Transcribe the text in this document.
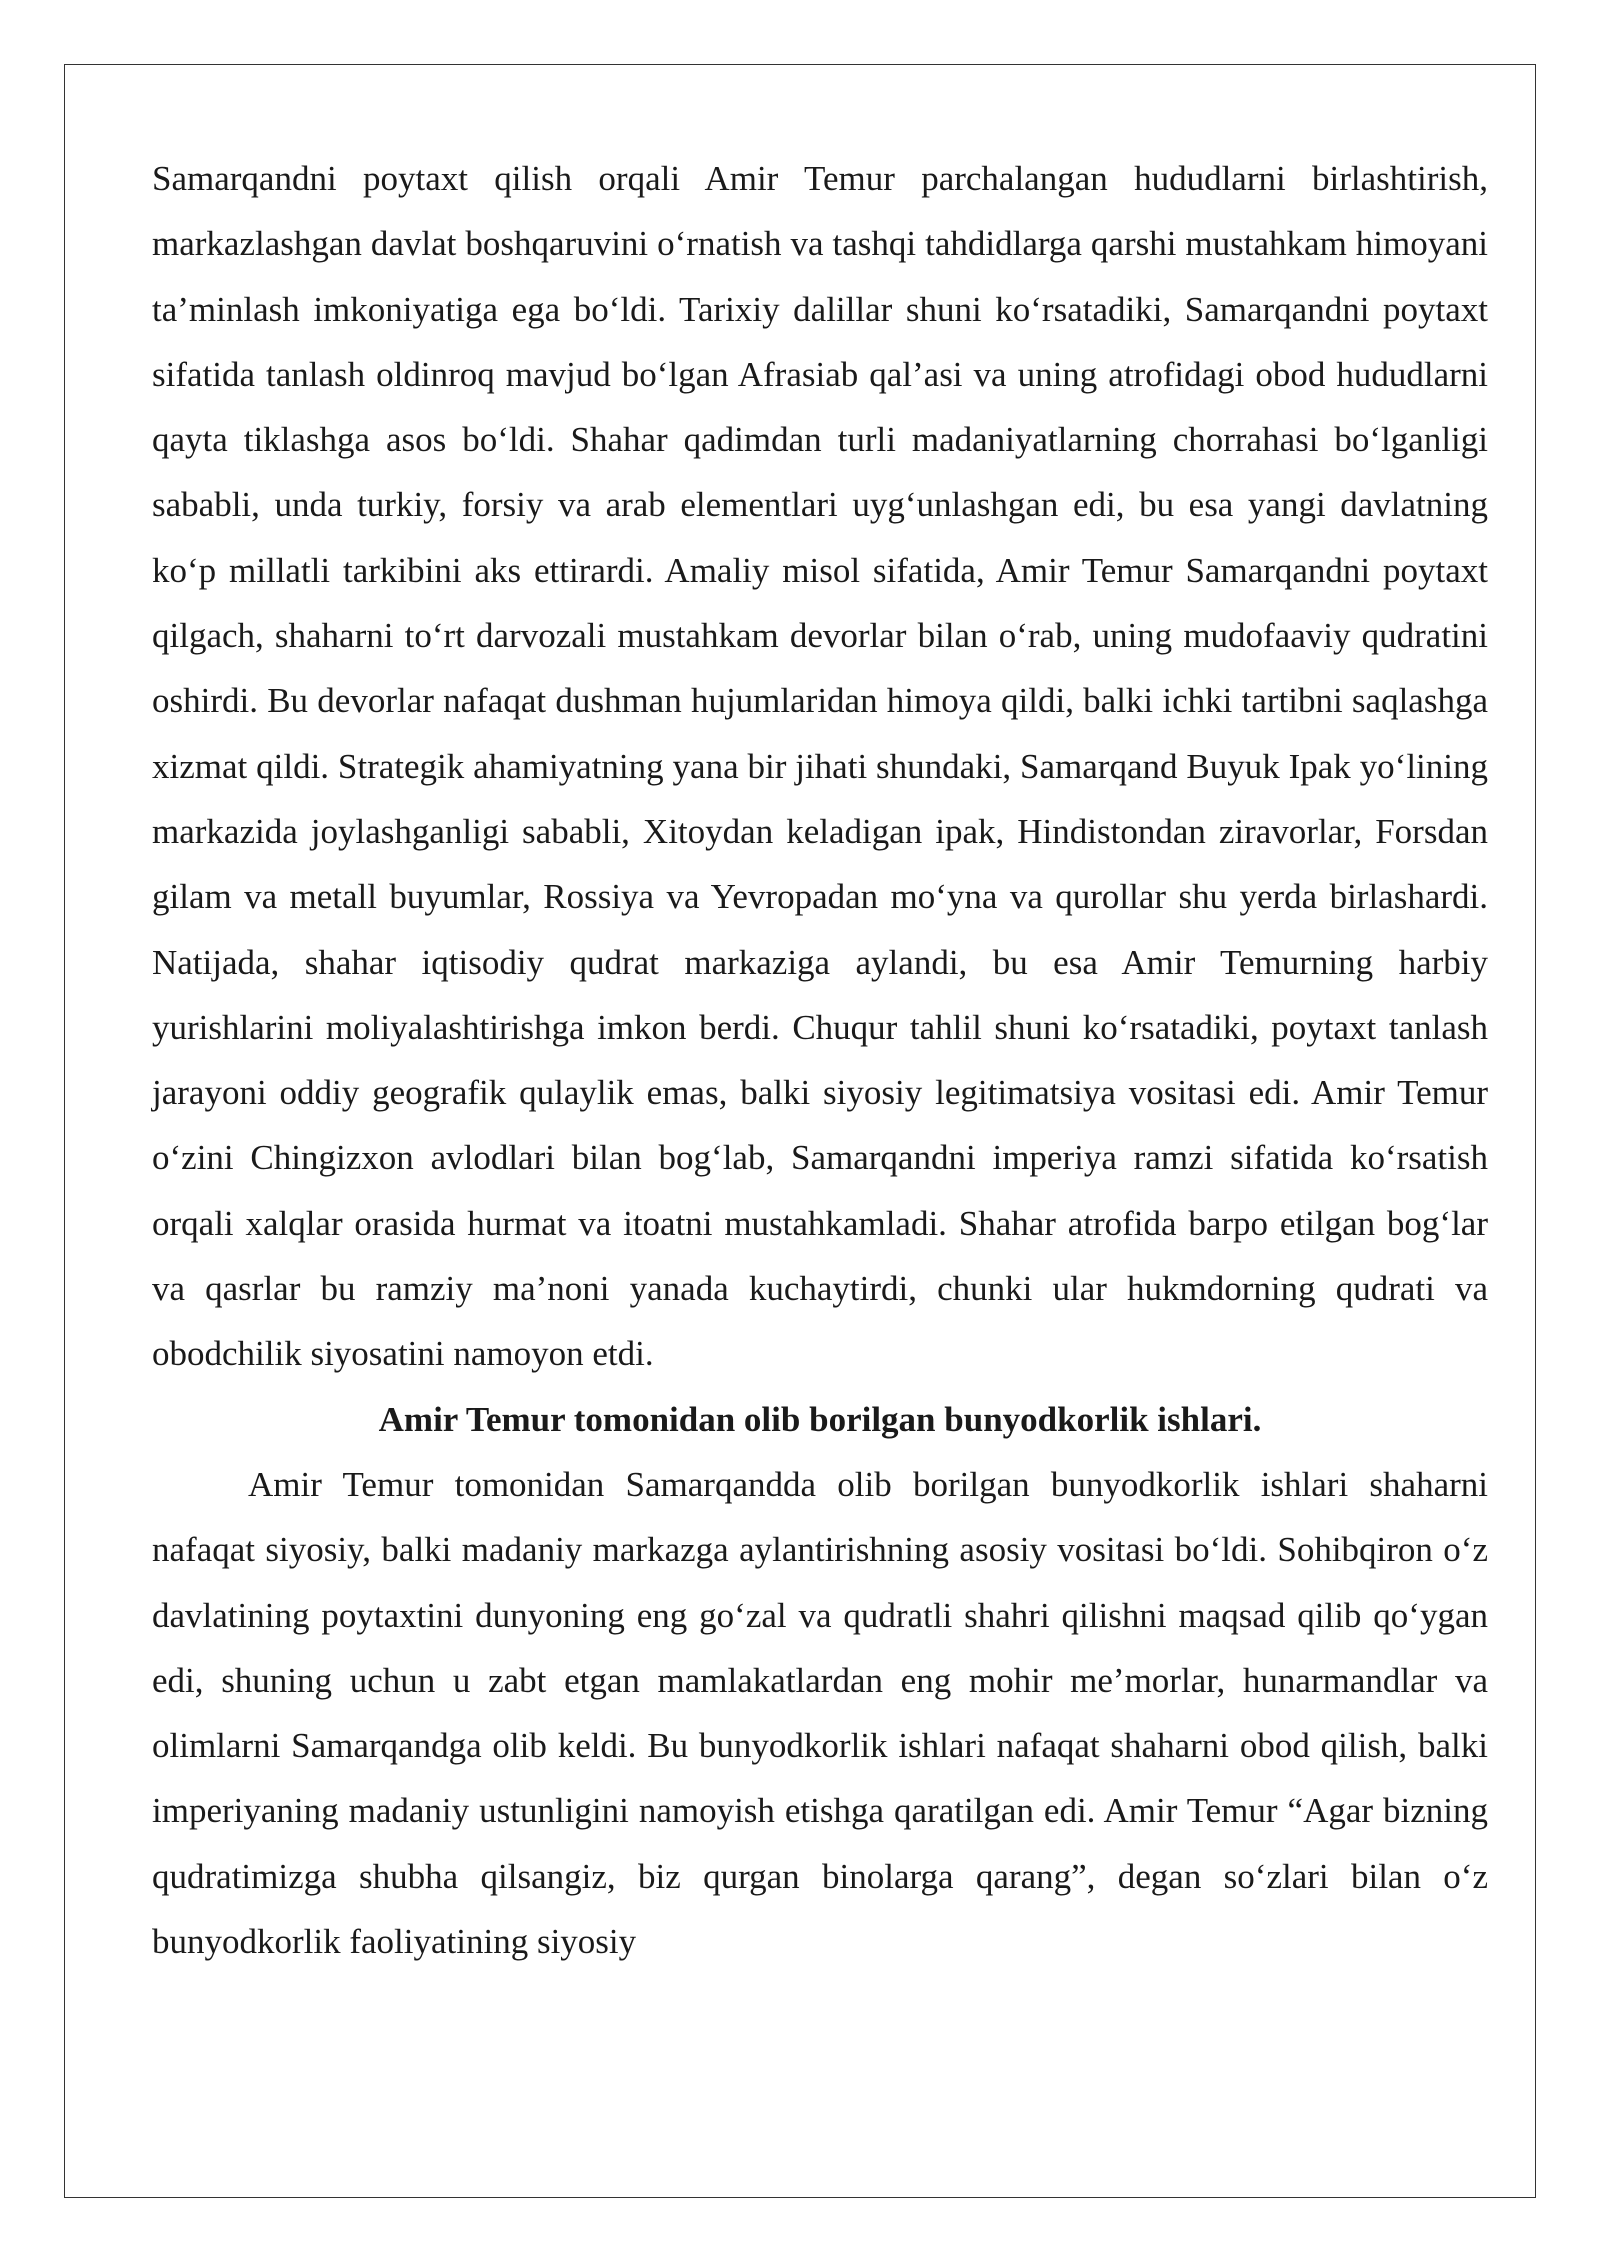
Samarqandni poytaxt qilish orqali Amir Temur parchalangan hududlarni birlashtirish, markazlashgan davlat boshqaruvini o‘rnatish va tashqi tahdidlarga qarshi mustahkam himoyani ta’minlash imkoniyatiga ega bo‘ldi. Tarixiy dalillar shuni ko‘rsatadiki, Samarqandni poytaxt sifatida tanlash oldinroq mavjud bo‘lgan Afrasiab qal’asi va uning atrofidagi obod hududlarni qayta tiklashga asos bo‘ldi. Shahar qadimdan turli madaniyatlarning chorrahasi bo‘lganligi sababli, unda turkiy, forsiy va arab elementlari uyg‘unlashgan edi, bu esa yangi davlatning ko‘p millatli tarkibini aks ettirardi. Amaliy misol sifatida, Amir Temur Samarqandni poytaxt qilgach, shaharni to‘rt darvozali mustahkam devorlar bilan o‘rab, uning mudofaaviy qudratini oshirdi. Bu devorlar nafaqat dushman hujumlaridan himoya qildi, balki ichki tartibni saqlashga xizmat qildi. Strategik ahamiyatning yana bir jihati shundaki, Samarqand Buyuk Ipak yo‘lining markazida joylashganligi sababli, Xitoydan keladigan ipak, Hindistondan ziravorlar, Forsdan gilam va metall buyumlar, Rossiya va Yevropadan mo‘yna va qurollar shu yerda birlashardi. Natijada, shahar iqtisodiy qudrat markaziga aylandi, bu esa Amir Temurning harbiy yurishlarini moliyalashtirishga imkon berdi. Chuqur tahlil shuni ko‘rsatadiki, poytaxt tanlash jarayoni oddiy geografik qulaylik emas, balki siyosiy legitimatsiya vositasi edi. Amir Temur o‘zini Chingizxon avlodlari bilan bog‘lab, Samarqandni imperiya ramzi sifatida ko‘rsatish orqali xalqlar orasida hurmat va itoatni mustahkamladi. Shahar atrofida barpo etilgan bog‘lar va qasrlar bu ramziy ma’noni yanada kuchaytirdi, chunki ular hukmdorning qudrati va obodchilik siyosatini namoyon etdi.

Amir Temur tomonidan olib borilgan bunyodkorlik ishlari.

Amir Temur tomonidan Samarqandda olib borilgan bunyodkorlik ishlari shaharni nafaqat siyosiy, balki madaniy markazga aylantirishning asosiy vositasi bo‘ldi. Sohibqiron o‘z davlatining poytaxtini dunyoning eng go‘zal va qudratli shahri qilishni maqsad qilib qo‘ygan edi, shuning uchun u zabt etgan mamlakatlardan eng mohir me’morlar, hunarmandlar va olimlarni Samarqandga olib keldi. Bu bunyodkorlik ishlari nafaqat shaharni obod qilish, balki imperiyaning madaniy ustunligini namoyish etishga qaratilgan edi. Amir Temur “Agar bizning qudratimizga shubha qilsangiz, biz qurgan binolarga qarang”, degan so‘zlari bilan o‘z bunyodkorlik faoliyatining siyosiy
